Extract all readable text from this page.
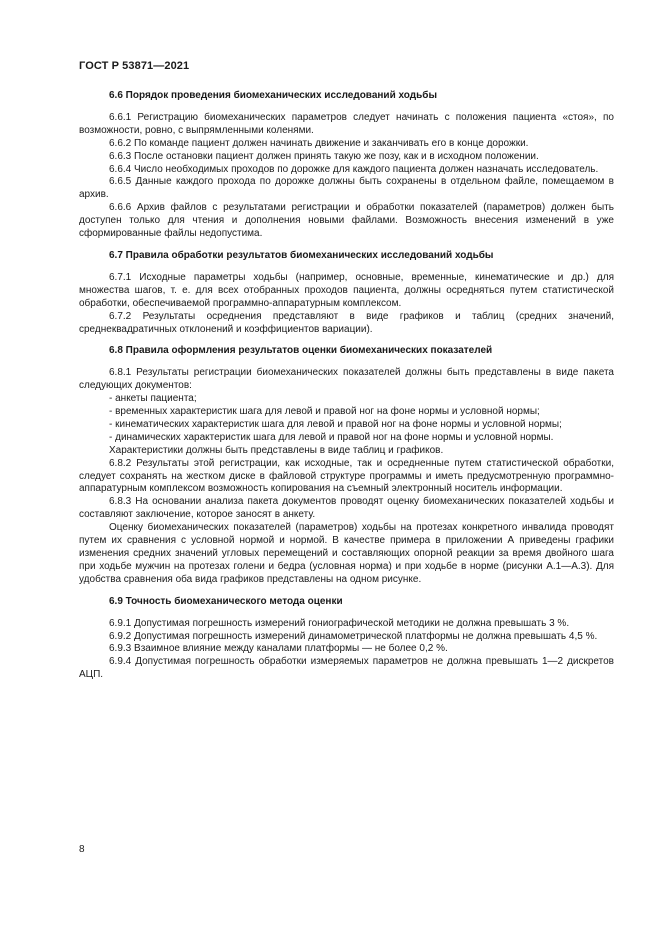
ГОСТ Р 53871—2021
6.6 Порядок проведения биомеханических исследований ходьбы

6.6.1 Регистрацию биомеханических параметров следует начинать с положения пациента «стоя», по возможности, ровно, с выпрямленными коленями.

6.6.2 По команде пациент должен начинать движение и заканчивать его в конце дорожки.

6.6.3 После остановки пациент должен принять такую же позу, как и в исходном положении.

6.6.4 Число необходимых проходов по дорожке для каждого пациента должен назначать исследователь.

6.6.5 Данные каждого прохода по дорожке должны быть сохранены в отдельном файле, помещаемом в архив.

6.6.6 Архив файлов с результатами регистрации и обработки показателей (параметров) должен быть доступен только для чтения и дополнения новыми файлами. Возможность внесения изменений в уже сформированные файлы недопустима.

6.7 Правила обработки результатов биомеханических исследований ходьбы

6.7.1 Исходные параметры ходьбы (например, основные, временные, кинематические и др.) для множества шагов, т. е. для всех отобранных проходов пациента, должны осредняться путем статистической обработки, обеспечиваемой программно-аппаратурным комплексом.

6.7.2 Результаты осреднения представляют в виде графиков и таблиц (средних значений, среднеквадратичных отклонений и коэффициентов вариации).

6.8 Правила оформления результатов оценки биомеханических показателей

6.8.1 Результаты регистрации биомеханических показателей должны быть представлены в виде пакета следующих документов:

- анкеты пациента;

- временных характеристик шага для левой и правой ног на фоне нормы и условной нормы;

- кинематических характеристик шага для левой и правой ног на фоне нормы и условной нормы;

- динамических характеристик шага для левой и правой ног на фоне нормы и условной нормы.

Характеристики должны быть представлены в виде таблиц и графиков.

6.8.2 Результаты этой регистрации, как исходные, так и осредненные путем статистической обработки, следует сохранять на жестком диске в файловой структуре программы и иметь предусмотренную программно-аппаратурным комплексом возможность копирования на съемный электронный носитель информации.

6.8.3 На основании анализа пакета документов проводят оценку биомеханических показателей ходьбы и составляют заключение, которое заносят в анкету.

Оценку биомеханических показателей (параметров) ходьбы на протезах конкретного инвалида проводят путем их сравнения с условной нормой и нормой. В качестве примера в приложении А приведены графики изменения средних значений угловых перемещений и составляющих опорной реакции за время двойного шага при ходьбе мужчин на протезах голени и бедра (условная норма) и при ходьбе в норме (рисунки А.1—А.3). Для удобства сравнения оба вида графиков представлены на одном рисунке.

6.9 Точность биомеханического метода оценки

6.9.1 Допустимая погрешность измерений гониографической методики не должна превышать 3 %.

6.9.2 Допустимая погрешность измерений динамометрической платформы не должна превышать 4,5 %.

6.9.3 Взаимное влияние между каналами платформы — не более 0,2 %.

6.9.4 Допустимая погрешность обработки измеряемых параметров не должна превышать 1—2 дискретов АЦП.

8
